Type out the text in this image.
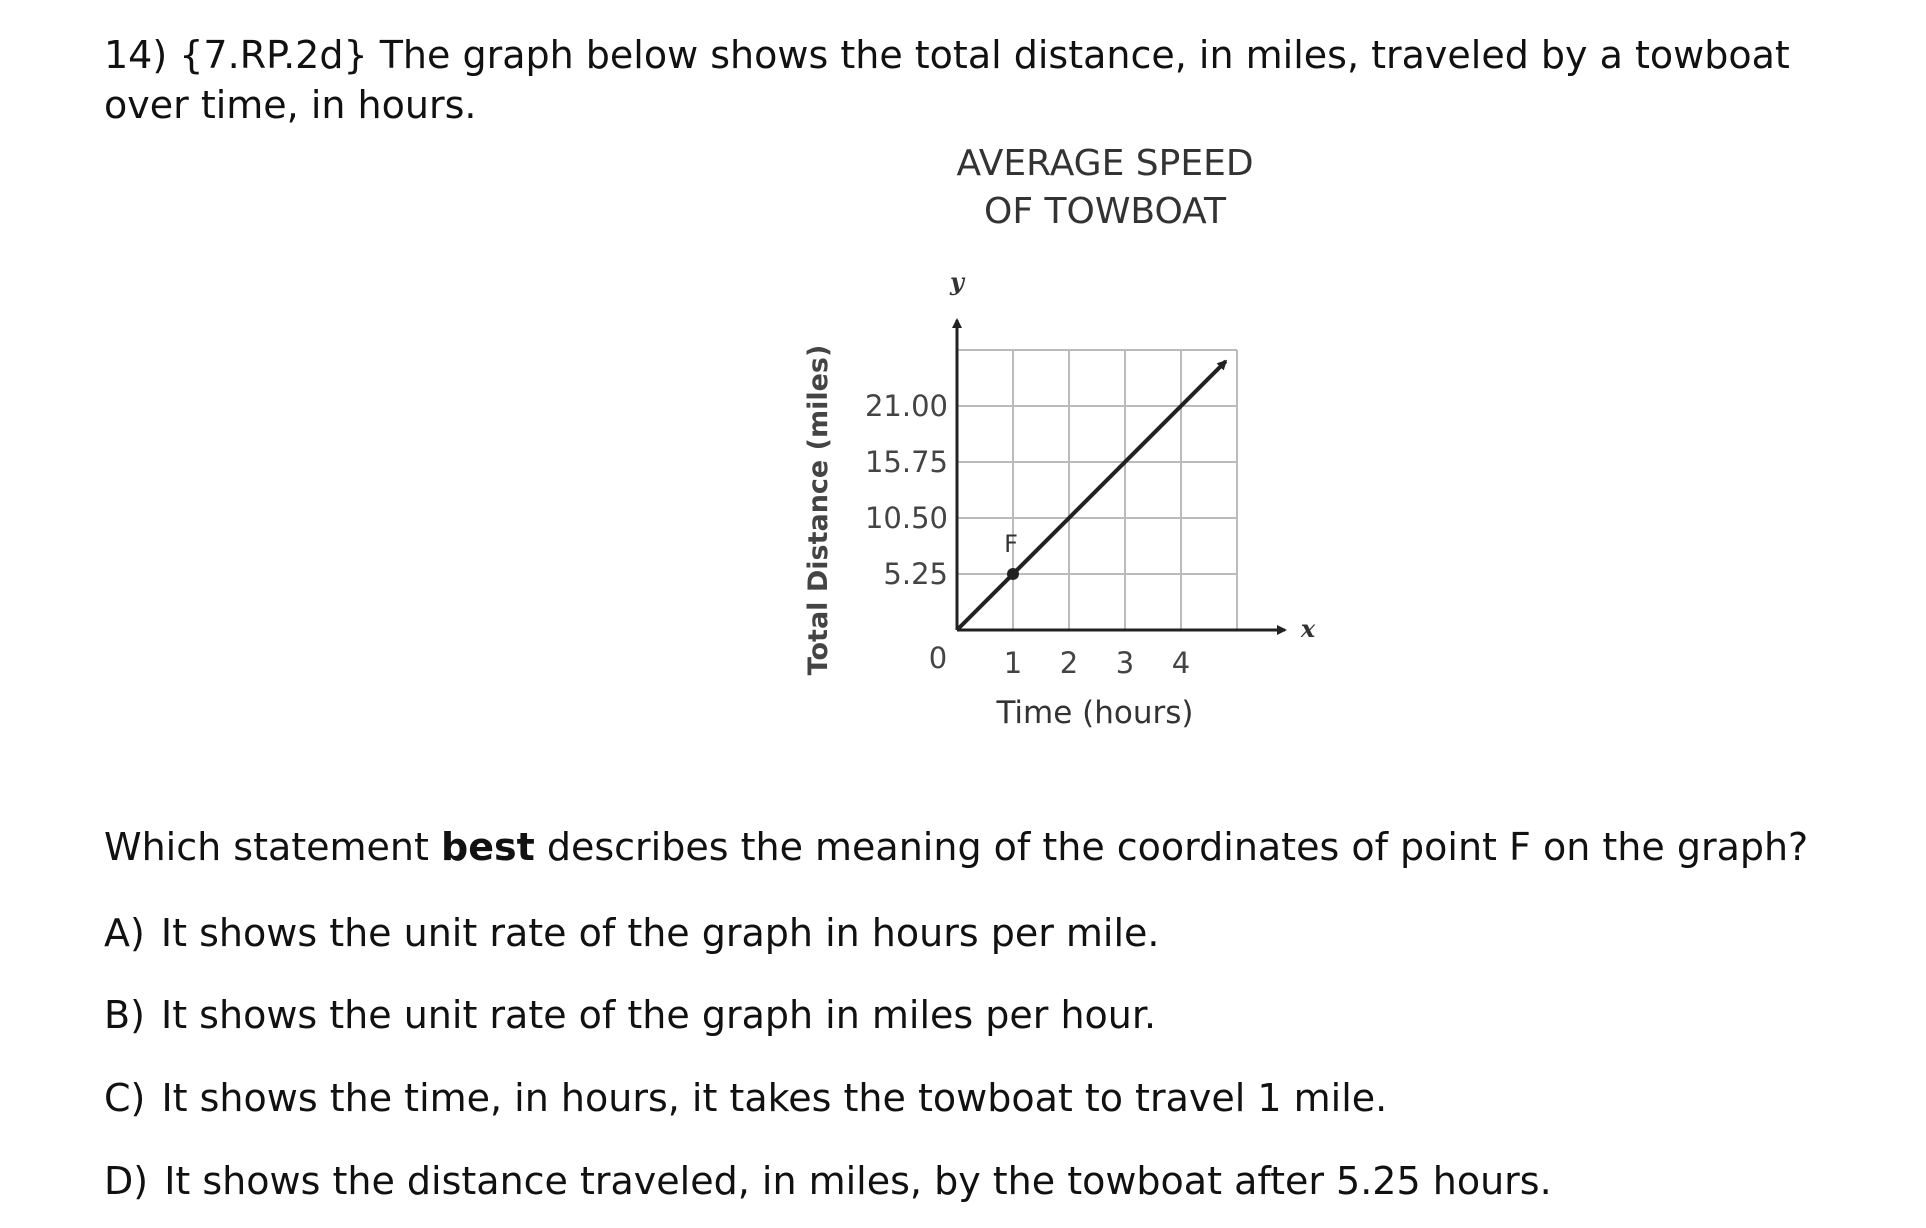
14) {7.RP.2d} The graph below shows the total distance, in miles, traveled by a towboat over time, in hours.
AVERAGE SPEED
OF TOWBOAT
y
x
5.25
10.50
15.75
21.00
0 1 2 3 4
Time (hours)
Total Distance (miles)	F
Which statement best describes the meaning of the coordinates of point F on the graph?
A) It shows the unit rate of the graph in hours per mile.
B) It shows the unit rate of the graph in miles per hour.
C) It shows the time, in hours, it takes the towboat to travel 1 mile.
D) It shows the distance traveled, in miles, by the towboat after 5.25 hours.
